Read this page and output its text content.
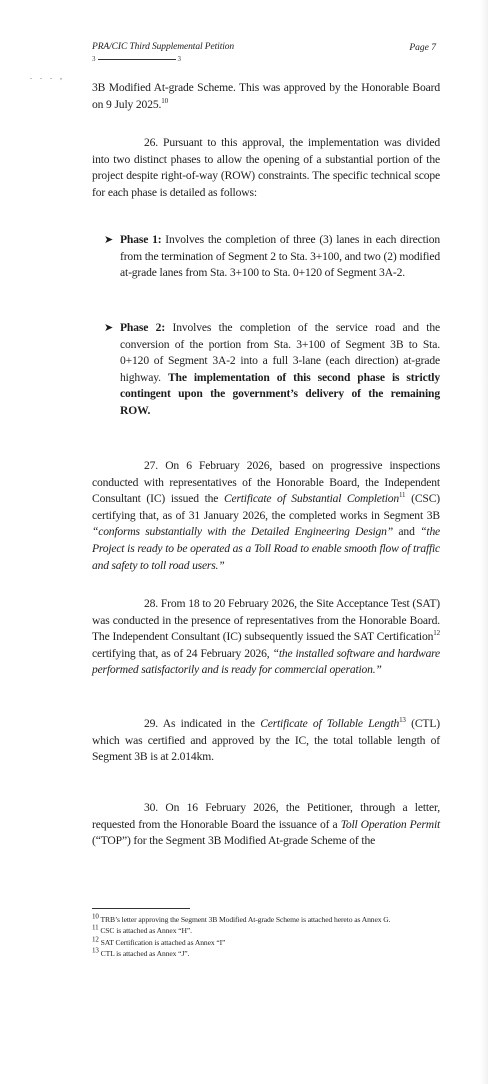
PRA/CIC Third Supplemental Petition	Page 7
3	3
. . . ,
3B Modified At-grade Scheme. This was approved by the Honorable Board on 9 July 2025.10
26. Pursuant to this approval, the implementation was divided into two distinct phases to allow the opening of a substantial portion of the project despite right-of-way (ROW) constraints. The specific technical scope for each phase is detailed as follows:
➤ Phase 1: Involves the completion of three (3) lanes in each direction from the termination of Segment 2 to Sta. 3+100, and two (2) modified at-grade lanes from Sta. 3+100 to Sta. 0+120 of Segment 3A-2.
➤ Phase 2: Involves the completion of the service road and the conversion of the portion from Sta. 3+100 of Segment 3B to Sta. 0+120 of Segment 3A-2 into a full 3-lane (each direction) at-grade highway. The implementation of this second phase is strictly contingent upon the government’s delivery of the remaining ROW.
27. On 6 February 2026, based on progressive inspections conducted with representatives of the Honorable Board, the Independent Consultant (IC) issued the Certificate of Substantial Completion$^{11}$ (CSC) certifying that, as of 31 January 2026, the completed works in Segment 3B “conforms substantially with the Detailed Engineering Design” and “the Project is ready to be operated as a Toll Road to enable smooth flow of traffic and safety to toll road users.”
28. From 18 to 20 February 2026, the Site Acceptance Test (SAT) was conducted in the presence of representatives from the Honorable Board. The Independent Consultant (IC) subsequently issued the SAT Certification$^{12}$ certifying that, as of 24 February 2026, “the installed software and hardware performed satisfactorily and is ready for commercial operation.”
29. As indicated in the Certificate of Tollable Length$^{13}$ (CTL) which was certified and approved by the IC, the total tollable length of Segment 3B is at 2.014km.
30. On 16 February 2026, the Petitioner, through a letter, requested from the Honorable Board the issuance of a Toll Operation Permit (“TOP”) for the Segment 3B Modified At-grade Scheme of the
$^{10}$ TRB’s letter approving the Segment 3B Modified At-grade Scheme is attached hereto as Annex G.
$^{11}$ CSC is attached as Annex “H”.
$^{12}$ SAT Certification is attached as Annex “I”
$^{13}$ CTL is attached as Annex “J”.
